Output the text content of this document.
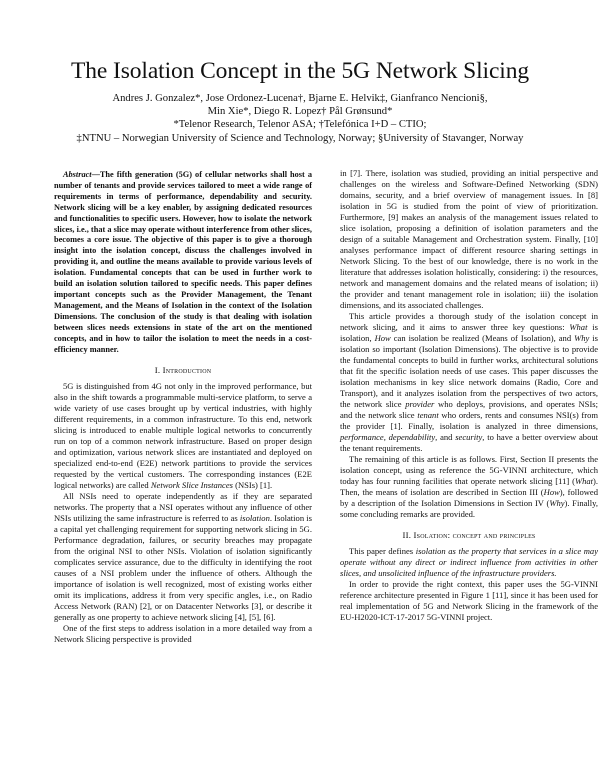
The Isolation Concept in the 5G Network Slicing
Andres J. Gonzalez*, Jose Ordonez-Lucena†, Bjarne E. Helvik‡, Gianfranco Nencioni§,
Min Xie*, Diego R. Lopez† Pål Grønsund*
*Telenor Research, Telenor ASA; †Telefónica I+D – CTIO;
‡NTNU – Norwegian University of Science and Technology, Norway; §University of Stavanger, Norway

Abstract—The fifth generation (5G) of cellular networks shall host a number of tenants and provide services tailored to meet a wide range of requirements in terms of performance, dependability and security. Network slicing will be a key enabler, by assigning dedicated resources and functionalities to specific users. However, how to isolate the network slices, i.e., that a slice may operate without interference from other slices, becomes a core issue. The objective of this paper is to give a thorough insight into the isolation concept, discuss the challenges involved in providing it, and outline the means available to provide various levels of isolation. Fundamental concepts that can be used in further work to build an isolation solution tailored to specific needs. This paper defines important concepts such as the Provider Management, the Tenant Management, and the Means of Isolation in the context of the Isolation Dimensions. The conclusion of the study is that dealing with isolation between slices needs extensions in state of the art on the mentioned concepts, and in how to tailor the isolation to meet the needs in a cost-efficiency manner.

I. Introduction

5G is distinguished from 4G not only in the improved performance, but also in the shift towards a programmable multi-service platform, to serve a wide variety of use cases brought up by vertical industries, with highly different requirements, in a common infrastructure. To this end, network slicing is introduced to enable multiple logical networks to concurrently run on top of a common network infrastructure. Based on proper design and optimization, various network slices are instantiated and deployed on specialized end-to-end (E2E) network partitions to provide the services requested by the vertical customers. The corresponding instances (E2E logical networks) are called Network Slice Instances (NSIs) [1].

All NSIs need to operate independently as if they are separated networks. The property that a NSI operates without any influence of other NSIs utilizing the same infrastructure is referred to as isolation. Isolation is a capital yet challenging requirement for supporting network slicing in 5G. Performance degradation, failures, or security breaches may propagate from the original NSI to other NSIs. Violation of isolation significantly complicates service assurance, due to the difficulty in identifying the root causes of a NSI problem under the influence of others. Although the importance of isolation is well recognized, most of existing works either omit its implications, address it from very specific angles, i.e., on Radio Access Network (RAN) [2], or on Datacenter Networks [3], or describe it generally as one property to achieve network slicing [4], [5], [6].

One of the first steps to address isolation in a more detailed way from a Network Slicing perspective is provided

in [7]. There, isolation was studied, providing an initial perspective and challenges on the wireless and Software-Defined Networking (SDN) domains, security, and a brief overview of management issues. In [8] isolation in 5G is studied from the point of view of prioritization. Furthermore, [9] makes an analysis of the management issues related to slice isolation, proposing a definition of isolation parameters and the design of a suitable Management and Orchestration system. Finally, [10] analyses performance impact of different resource sharing settings in Network Slicing. To the best of our knowledge, there is no work in the literature that addresses isolation holistically, considering: i) the resources, network and management domains and the related means of isolation; ii) the provider and tenant management role in isolation; iii) the isolation dimensions, and its associated challenges.

This article provides a thorough study of the isolation concept in network slicing, and it aims to answer three key questions: What is isolation, How can isolation be realized (Means of Isolation), and Why is isolation so important (Isolation Dimensions). The objective is to provide the fundamental concepts to build in further works, architectural solutions that fit the specific isolation needs of use cases. This paper discusses the isolation mechanisms in key slice network domains (Radio, Core and Transport), and it analyzes isolation from the perspectives of two actors, the network slice provider who deploys, provisions, and operates NSIs; and the network slice tenant who orders, rents and consumes NSI(s) from the provider [1]. Finally, isolation is analyzed in three dimensions, performance, dependability, and security, to have a better overview about the tenant requirements.

The remaining of this article is as follows. First, Section II presents the isolation concept, using as reference the 5G-VINNI architecture, which today has four running facilities that operate network slicing [11] (What). Then, the means of isolation are described in Section III (How), followed by a description of the Isolation Dimensions in Section IV (Why). Finally, some concluding remarks are provided.

II. Isolation: concept and principles

This paper defines isolation as the property that services in a slice may operate without any direct or indirect influence from activities in other slices, and unsolicited influence of the infrastructure providers.

In order to provide the right context, this paper uses the 5G-VINNI reference architecture presented in Figure 1 [11], since it has been used for real implementation of 5G and Network Slicing in the framework of the EU-H2020-ICT-17-2017 5G-VINNI project.
